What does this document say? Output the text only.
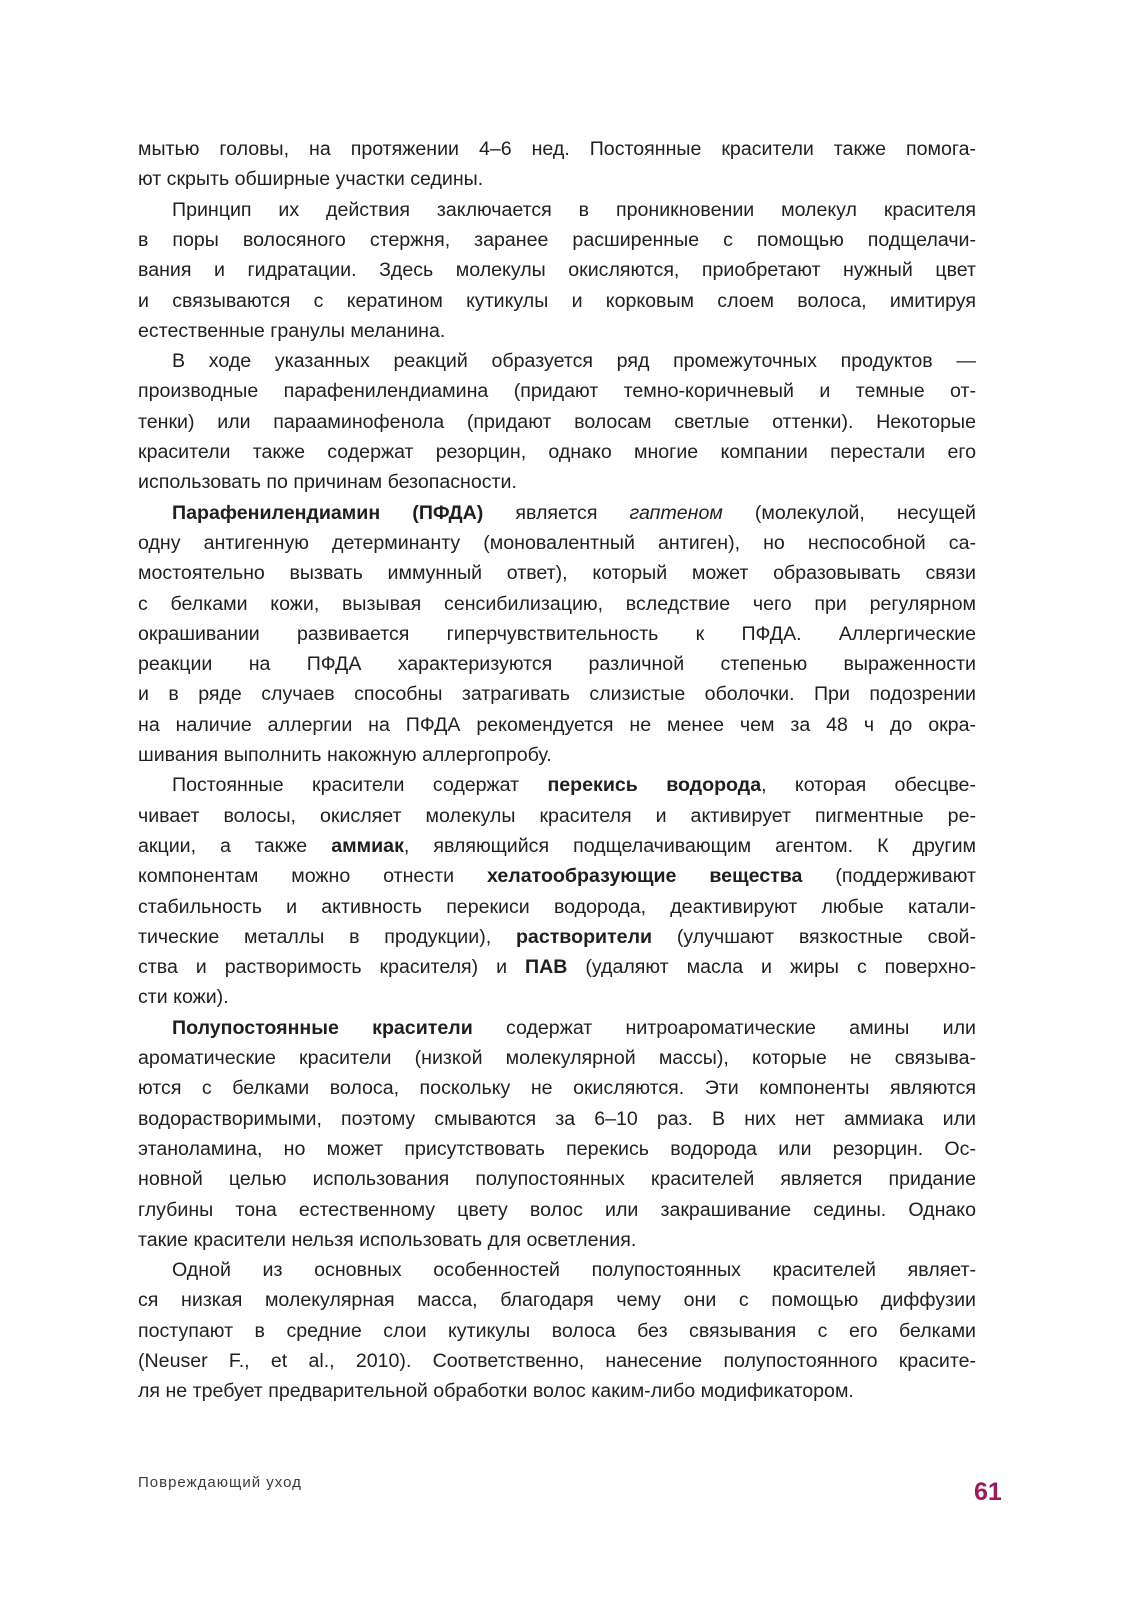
мытью головы, на протяжении 4–6 нед. Постоянные красители также помога-
ют скрыть обширные участки седины.
Принцип их действия заключается в проникновении молекул красителя
в поры волосяного стержня, заранее расширенные с помощью подщелачи-
вания и гидратации. Здесь молекулы окисляются, приобретают нужный цвет
и связываются с кератином кутикулы и корковым слоем волоса, имитируя
естественные гранулы меланина.
В ходе указанных реакций образуется ряд промежуточных продуктов —
производные парафенилендиамина (придают темно-коричневый и темные от-
тенки) или парааминофенола (придают волосам светлые оттенки). Некоторые
красители также содержат резорцин, однако многие компании перестали его
использовать по причинам безопасности.
Парафенилендиамин (ПФДА) является гаптеном (молекулой, несущей
одну антигенную детерминанту (моновалентный антиген), но неспособной са-
мостоятельно вызвать иммунный ответ), который может образовывать связи
с белками кожи, вызывая сенсибилизацию, вследствие чего при регулярном
окрашивании развивается гиперчувствительность к ПФДА. Аллергические
реакции на ПФДА характеризуются различной степенью выраженности
и в ряде случаев способны затрагивать слизистые оболочки. При подозрении
на наличие аллергии на ПФДА рекомендуется не менее чем за 48 ч до окра-
шивания выполнить накожную аллергопробу.
Постоянные красители содержат перекись водорода, которая обесцве-
чивает волосы, окисляет молекулы красителя и активирует пигментные ре-
акции, а также аммиак, являющийся подщелачивающим агентом. К другим
компонентам можно отнести хелатообразующие вещества (поддерживают
стабильность и активность перекиси водорода, деактивируют любые катали-
тические металлы в продукции), растворители (улучшают вязкостные свой-
ства и растворимость красителя) и ПАВ (удаляют масла и жиры с поверхно-
сти кожи).
Полупостоянные красители содержат нитроароматические амины или
ароматические красители (низкой молекулярной массы), которые не связыва-
ются с белками волоса, поскольку не окисляются. Эти компоненты являются
водорастворимыми, поэтому смываются за 6–10 раз. В них нет аммиака или
этаноламина, но может присутствовать перекись водорода или резорцин. Ос-
новной целью использования полупостоянных красителей является придание
глубины тона естественному цвету волос или закрашивание седины. Однако
такие красители нельзя использовать для осветления.
Одной из основных особенностей полупостоянных красителей являет-
ся низкая молекулярная масса, благодаря чему они с помощью диффузии
поступают в средние слои кутикулы волоса без связывания с его белками
(Neuser F., et al., 2010). Соответственно, нанесение полупостоянного красите-
ля не требует предварительной обработки волос каким-либо модификатором.
Повреждающий уход	61
